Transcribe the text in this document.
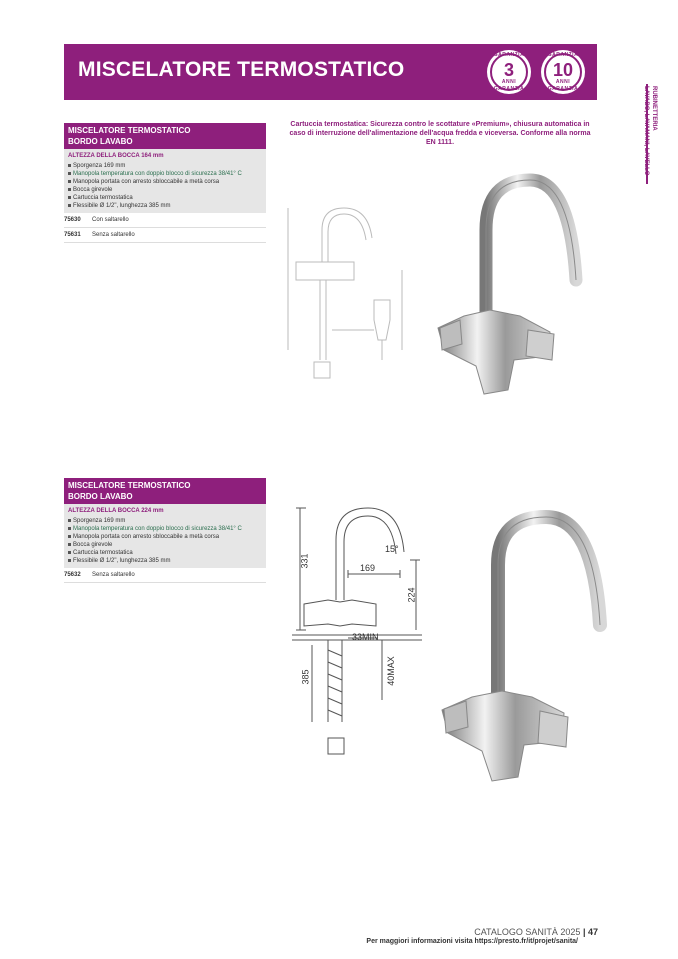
MISCELATORE TERMOSTATICO
GARANZIA
3
ANNI
GARANZIA
GARANZIA
10
ANNI
GARANZIA	RUBINETTERIA
LAVABO, LAVAMANI, LAVELLO
Cartuccia termostatica: Sicurezza contro le scottature «Premium», chiusura automatica in caso di interruzione dell'alimentazione dell'acqua fredda e viceversa. Conforme alla norma EN 1111.
MISCELATORE TERMOSTATICO
BORDO LAVABO
ALTEZZA DELLA BOCCA 164 mm
Sporgenza 169 mm
Manopola temperatura con doppio blocco di sicurezza 38/41° C
Manopola portata con arresto sbloccabile a metà corsa
Bocca girevole
Cartuccia termostatica
Flessibile Ø 1/2", lunghezza 385 mm
75630 Con saltarello
75631 Senza saltarello
MISCELATORE TERMOSTATICO
BORDO LAVABO
ALTEZZA DELLA BOCCA 224 mm
Sporgenza 169 mm
Manopola temperatura con doppio blocco di sicurezza 38/41° C
Manopola portata con arresto sbloccabile a metà corsa
Bocca girevole
Cartuccia termostatica
Flessibile Ø 1/2", lunghezza 385 mm
75632 Senza saltarello
331	169
15°
224
33MIN
385	40MAX
CATALOGO SANITÀ 2025 | 47
Per maggiori informazioni visita https://presto.fr/it/projet/sanita/
